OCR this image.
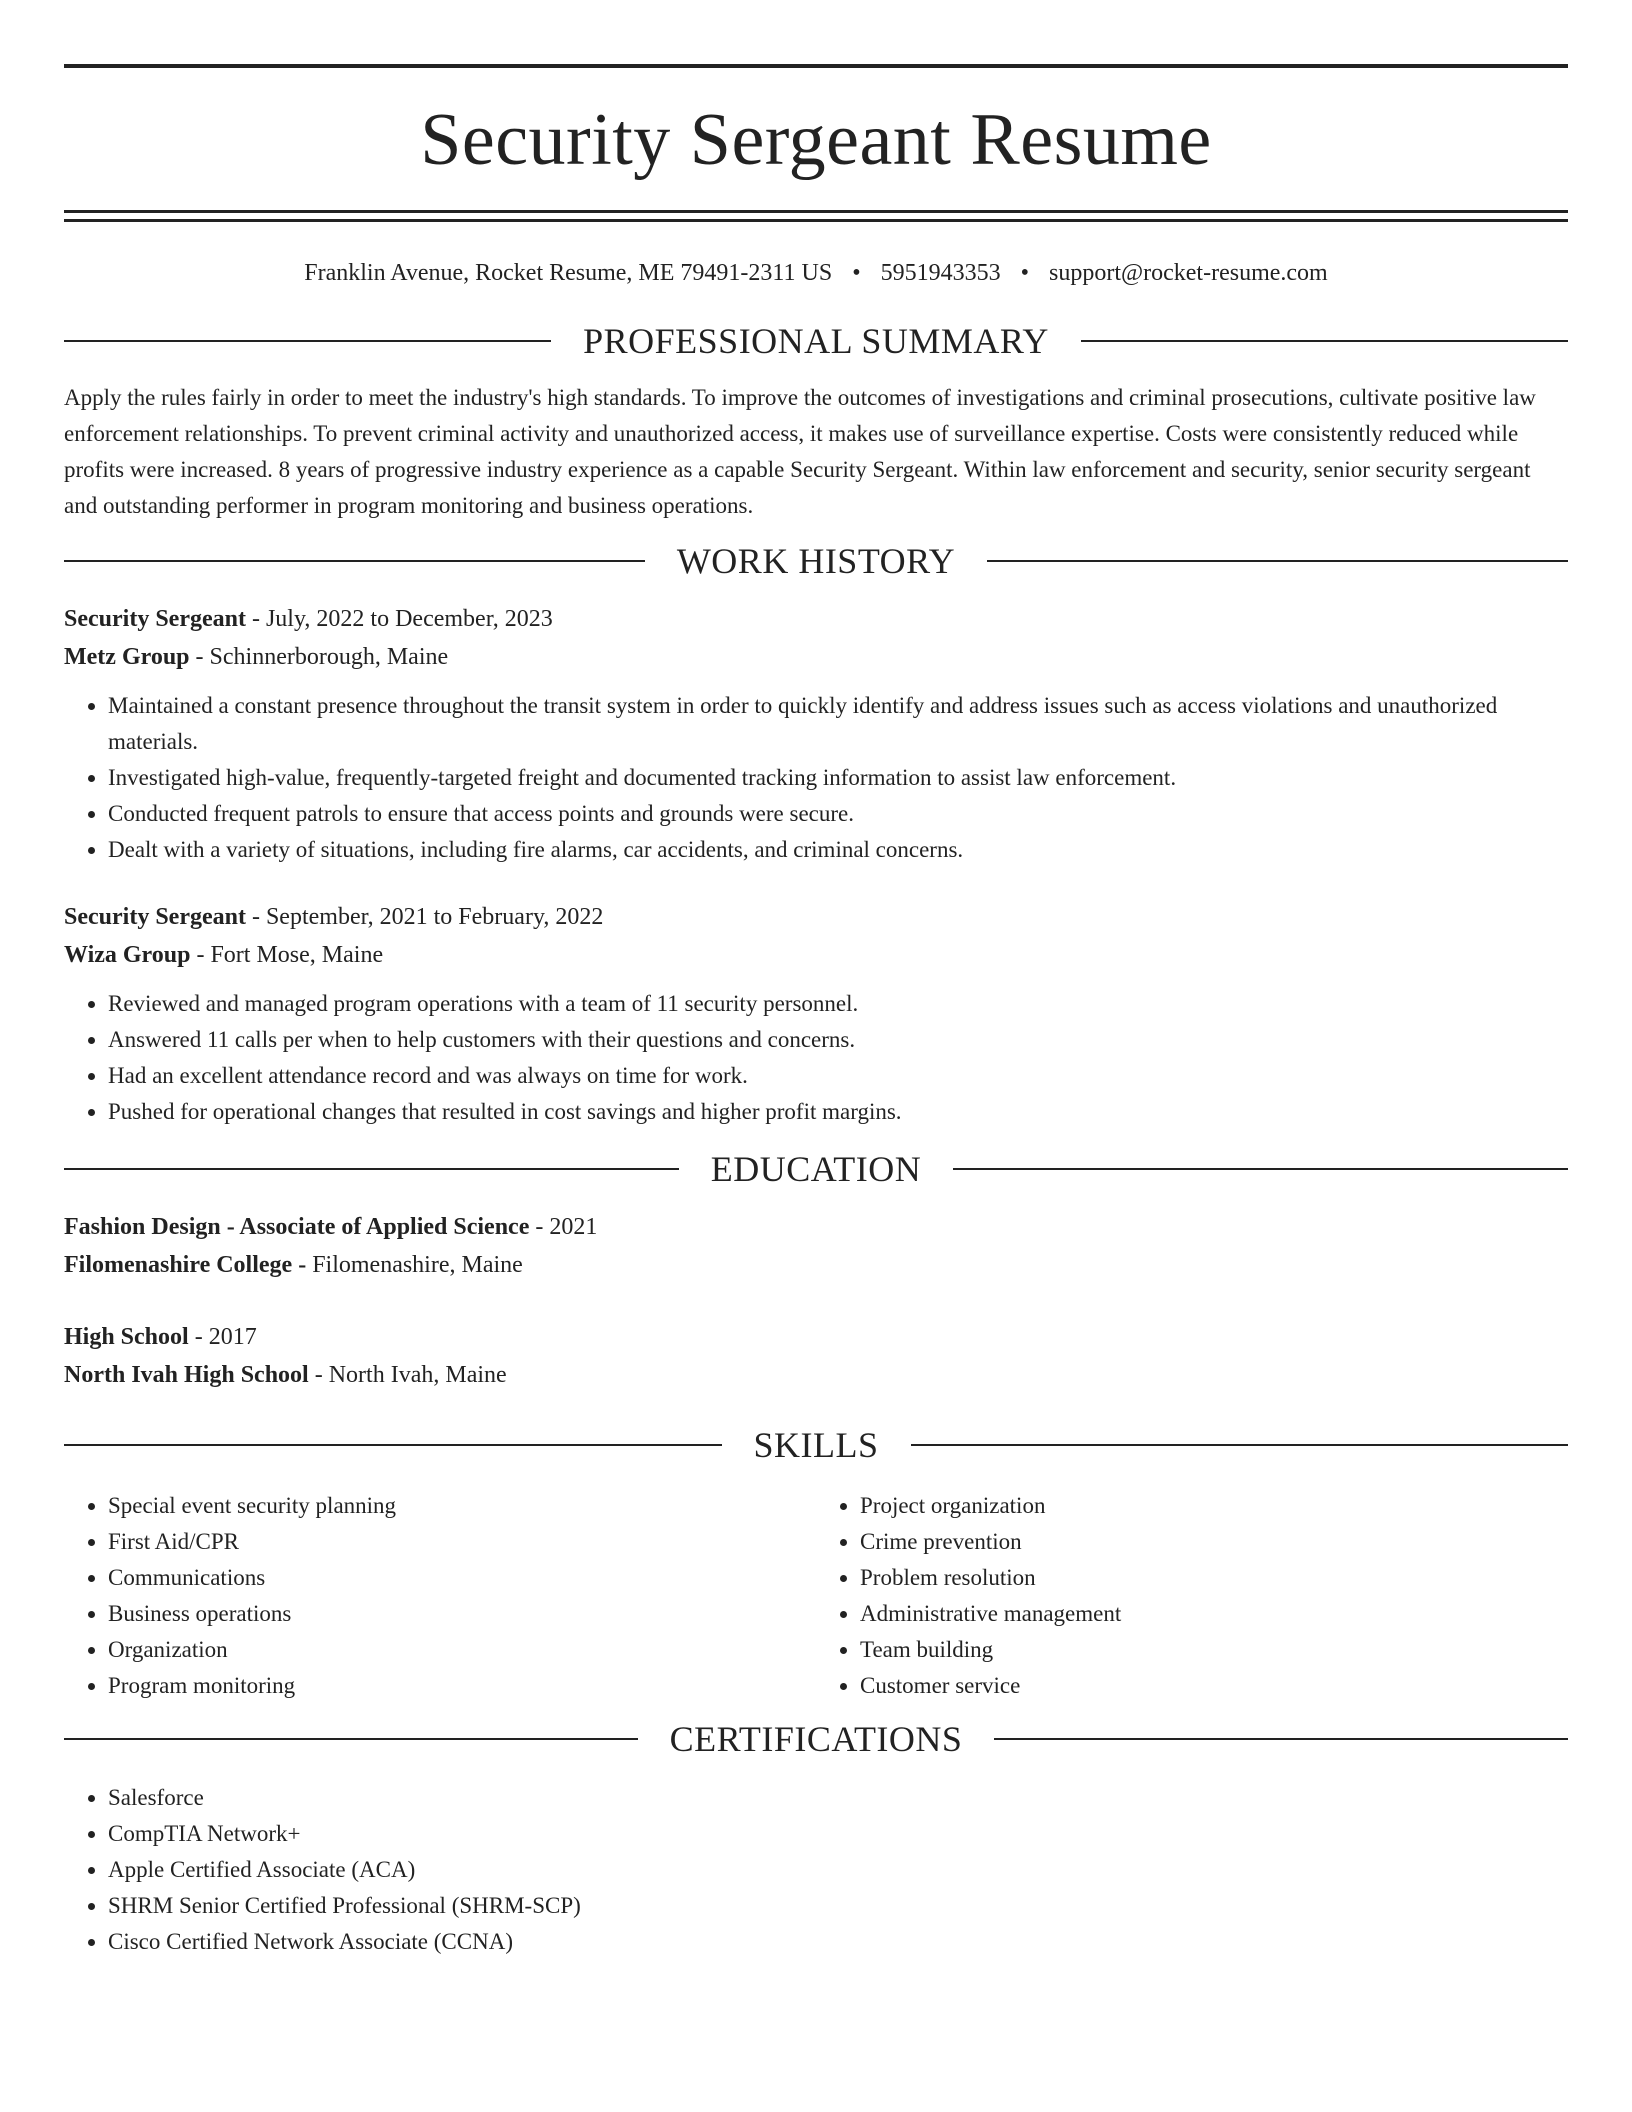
Security Sergeant Resume
Franklin Avenue, Rocket Resume, ME 79491-2311 US • 5951943353 • support@rocket-resume.com
PROFESSIONAL SUMMARY

Apply the rules fairly in order to meet the industry's high standards. To improve the outcomes of investigations and criminal prosecutions, cultivate positive law enforcement relationships. To prevent criminal activity and unauthorized access, it makes use of surveillance expertise. Costs were consistently reduced while profits were increased. 8 years of progressive industry experience as a capable Security Sergeant. Within law enforcement and security, senior security sergeant and outstanding performer in program monitoring and business operations.

WORK HISTORY
Security Sergeant - July, 2022 to December, 2023
Metz Group - Schinnerborough, Maine
• Maintained a constant presence throughout the transit system in order to quickly identify and address issues such as access violations and unauthorized materials.
• Investigated high-value, frequently-targeted freight and documented tracking information to assist law enforcement.
• Conducted frequent patrols to ensure that access points and grounds were secure.
• Dealt with a variety of situations, including fire alarms, car accidents, and criminal concerns.
Security Sergeant - September, 2021 to February, 2022
Wiza Group - Fort Mose, Maine
• Reviewed and managed program operations with a team of 11 security personnel.
• Answered 11 calls per when to help customers with their questions and concerns.
• Had an excellent attendance record and was always on time for work.
• Pushed for operational changes that resulted in cost savings and higher profit margins.
EDUCATION
Fashion Design - Associate of Applied Science - 2021
Filomenashire College - Filomenashire, Maine
High School - 2017
North Ivah High School - North Ivah, Maine
SKILLS
• Special event security planning
• First Aid/CPR
• Communications
• Business operations
• Organization
• Program monitoring
• Project organization
• Crime prevention
• Problem resolution
• Administrative management
• Team building
• Customer service
CERTIFICATIONS
• Salesforce
• CompTIA Network+
• Apple Certified Associate (ACA)
• SHRM Senior Certified Professional (SHRM-SCP)
• Cisco Certified Network Associate (CCNA)
